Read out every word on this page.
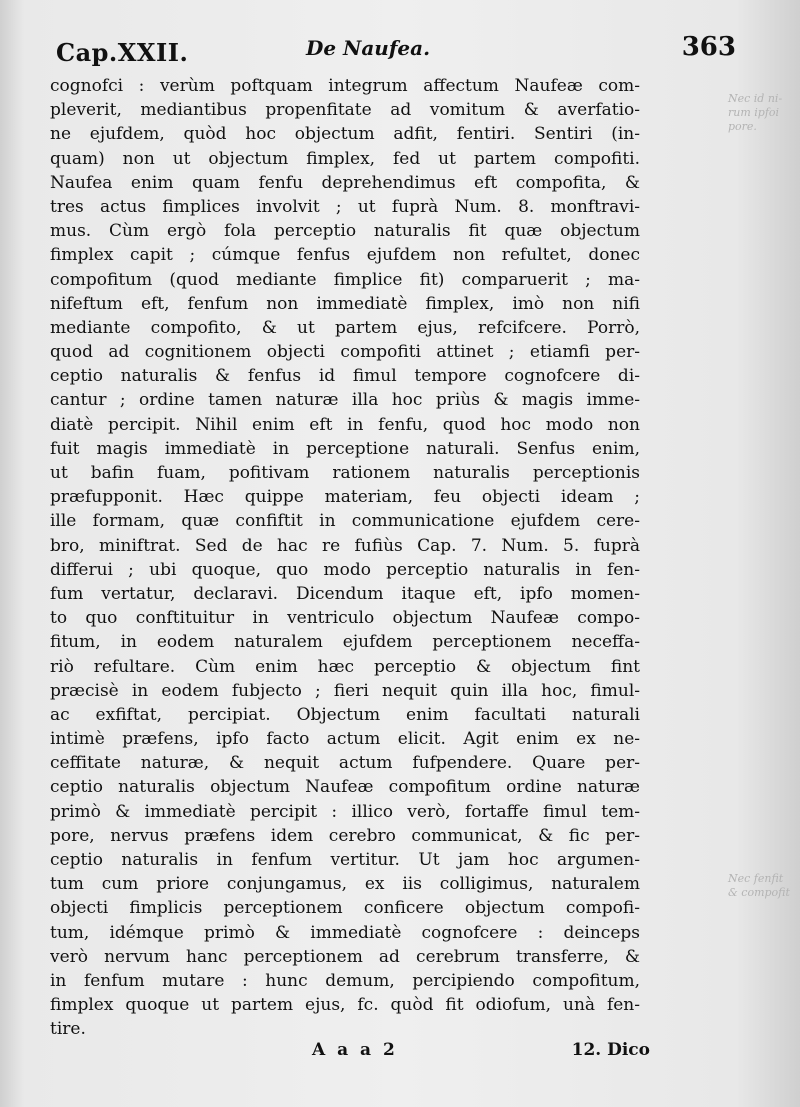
Nec id ni-
rum ipfoi
pore.
Nec fenfit
& compofit
Cap.XXII.	De Naufea.	363
cognofci : verùm poftquam integrum affectum Naufeæ com-
pleverit, mediantibus propenfitate ad vomitum & averfatio-
ne ejufdem, quòd hoc objectum adfit, fentiri. Sentiri (in-
quam) non ut objectum fimplex, fed ut partem compofiti.
Naufea enim quam fenfu deprehendimus eft compofita, &
tres actus fimplices involvit ; ut fuprà Num. 8. monftravi-
mus. Cùm ergò fola perceptio naturalis fit quæ objectum
fimplex capit ; cúmque fenfus ejufdem non refultet, donec
compofitum (quod mediante fimplice fit) comparuerit ; ma-
nifeftum eft, fenfum non immediatè fimplex, imò non nifi
mediante compofito, & ut partem ejus, refcifcere. Porrò,
quod ad cognitionem objecti compofiti attinet ; etiamfi per-
ceptio naturalis & fenfus id fimul tempore cognofcere di-
cantur ; ordine tamen naturæ illa hoc priùs & magis imme-
diatè percipit. Nihil enim eft in fenfu, quod hoc modo non
fuit magis immediatè in perceptione naturali. Senfus enim,
ut bafin fuam, pofitivam rationem naturalis perceptionis
præfupponit. Hæc quippe materiam, feu objecti ideam ;
ille formam, quæ confiftit in communicatione ejufdem cere-
bro, miniftrat. Sed de hac re fufiùs Cap. 7. Num. 5. fuprà
differui ; ubi quoque, quo modo perceptio naturalis in fen-
fum vertatur, declaravi. Dicendum itaque eft, ipfo momen-
to quo conftituitur in ventriculo objectum Naufeæ compo-
fitum, in eodem naturalem ejufdem perceptionem neceffa-
riò refultare. Cùm enim hæc perceptio & objectum fint
præcisè in eodem fubjecto ; fieri nequit quin illa hoc, fimul-
ac exfiftat, percipiat. Objectum enim facultati naturali
intimè præfens, ipfo facto actum elicit. Agit enim ex ne-
ceffitate naturæ, & nequit actum fufpendere. Quare per-
ceptio naturalis objectum Naufeæ compofitum ordine naturæ
primò & immediatè percipit : illico verò, fortaffe fimul tem-
pore, nervus præfens idem cerebro communicat, & fic per-
ceptio naturalis in fenfum vertitur. Ut jam hoc argumen-
tum cum priore conjungamus, ex iis colligimus, naturalem
objecti fimplicis perceptionem conficere objectum compofi-
tum, idémque primò & immediatè cognofcere : deinceps
verò nervum hanc perceptionem ad cerebrum transferre, &
in fenfum mutare : hunc demum, percipiendo compofitum,
fimplex quoque ut partem ejus, fc. quòd fit odiofum, unà fen-
tire.
A a a 2	12. Dico
